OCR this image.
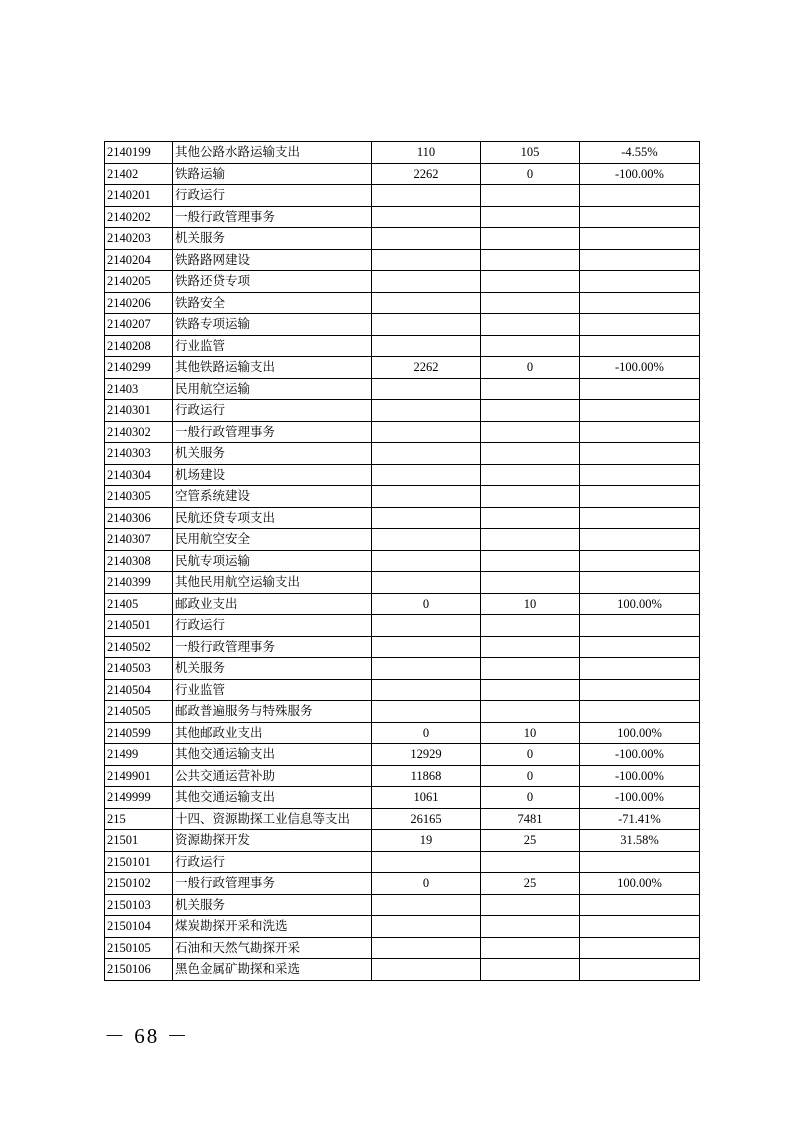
2140199	其他公路水路运输支出	110	105	-4.55%
21402	铁路运输	2262	0	-100.00%
2140201	行政运行			
2140202	一般行政管理事务			
2140203	机关服务			
2140204	铁路路网建设			
2140205	铁路还贷专项			
2140206	铁路安全			
2140207	铁路专项运输			
2140208	行业监管			
2140299	其他铁路运输支出	2262	0	-100.00%
21403	民用航空运输			
2140301	行政运行			
2140302	一般行政管理事务			
2140303	机关服务			
2140304	机场建设			
2140305	空管系统建设			
2140306	民航还贷专项支出			
2140307	民用航空安全			
2140308	民航专项运输			
2140399	其他民用航空运输支出			
21405	邮政业支出	0	10	100.00%
2140501	行政运行			
2140502	一般行政管理事务			
2140503	机关服务			
2140504	行业监管			
2140505	邮政普遍服务与特殊服务			
2140599	其他邮政业支出	0	10	100.00%
21499	其他交通运输支出	12929	0	-100.00%
2149901	公共交通运营补助	11868	0	-100.00%
2149999	其他交通运输支出	1061	0	-100.00%
215	十四、资源勘探工业信息等支出	26165	7481	-71.41%
21501	资源勘探开发	19	25	31.58%
2150101	行政运行			
2150102	一般行政管理事务	0	25	100.00%
2150103	机关服务			
2150104	煤炭勘探开采和洗选			
2150105	石油和天然气勘探开采			
2150106	黑色金属矿勘探和采选			
－ 68 －
